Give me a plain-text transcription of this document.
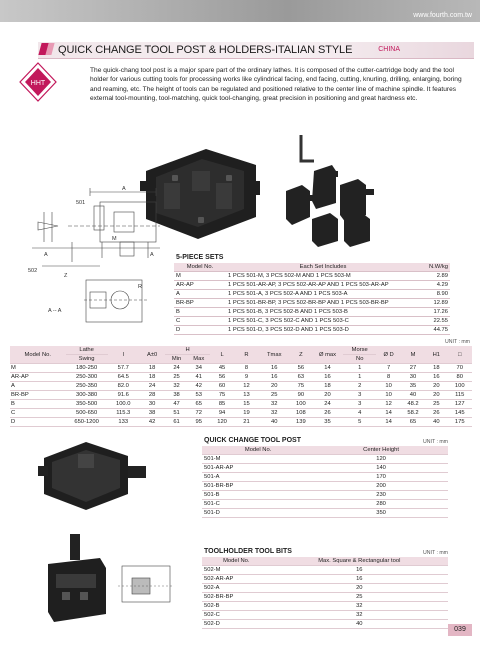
www.fourth.com.tw
QUICK CHANGE TOOL POST & HOLDERS-ITALIAN STYLE	CHINA
HHT
The quick-chang tool post is a major spare part of the ordinary lathes. It is composed of the cutter-cartridge body and the tool holder for various cutting tools for processing works like cylindrical facing, end facing, cutting, knurling, drilling, enlarging, boring and reaming, etc. The height of tools can be regulated and positioned relative to the center line of machine spindle. It features external tool-mounting, tool-matching, quick tool-changing, great precision in positioning and great hardness etc.
A
501
502
A	A
A -- A
M
Z
R
5-PIECE SETS
Model No.	Each Set Includes	N.W/kg
M	1 PCS 501-M, 3 PCS 502-M AND 1 PCS 503-M	2.89
AR-AP	1 PCS 501-AR-AP, 3 PCS 502-AR-AP AND 1 PCS 503-AR-AP	4.29
A	1 PCS 501-A, 3 PCS 502-A AND 1 PCS 503-A	8.90
BR-BP	1 PCS 501-BR-BP, 3 PCS 502-BR-BP AND 1 PCS 503-BR-BP	12.89
B	1 PCS 501-B, 3 PCS 502-B AND 1 PCS 503-B	17.26
C	1 PCS 501-C, 3 PCS 502-C AND 1 PCS 503-C	22.55
D	1 PCS 501-D, 3 PCS 502-D AND 1 PCS 503-D	44.75
UNIT : mm
Model No.	Lathe	l	A±0	H		L	R	Tmax	Z	Ø max	Morse	Ø D	M	H1	□
	Swing			Min	Max						No				
M	180-250	57.7	18	24	34	45	8	16	56	14	1	7	27	18	70
AR-AP	250-300	64.5	18	25	41	56	9	16	63	16	1	8	30	16	80
A	250-350	82.0	24	32	42	60	12	20	75	18	2	10	35	20	100
BR-BP	300-380	91.6	28	38	53	75	13	25	90	20	3	10	40	20	115
B	350-500	100.0	30	47	65	85	15	32	100	24	3	12	48.2	25	127
C	500-650	115.3	38	51	72	94	19	32	108	26	4	14	58.2	26	145
D	650-1200	133	42	61	95	120	21	40	139	35	5	14	65	40	175
QUICK CHANGE TOOL POST	UNIT : mm
Model No.	Center Height
501-M	120
501-AR-AP	140
501-A	170
501-BR-BP	200
501-B	230
501-C	280
501-D	350
TOOLHOLDER TOOL BITS	UNIT : mm
Model No.	Max. Square & Rectangular tool
502-M	16
502-AR-AP	16
502-A	20
502-BR-BP	25
502-B	32
502-C	32
502-D	40
039
